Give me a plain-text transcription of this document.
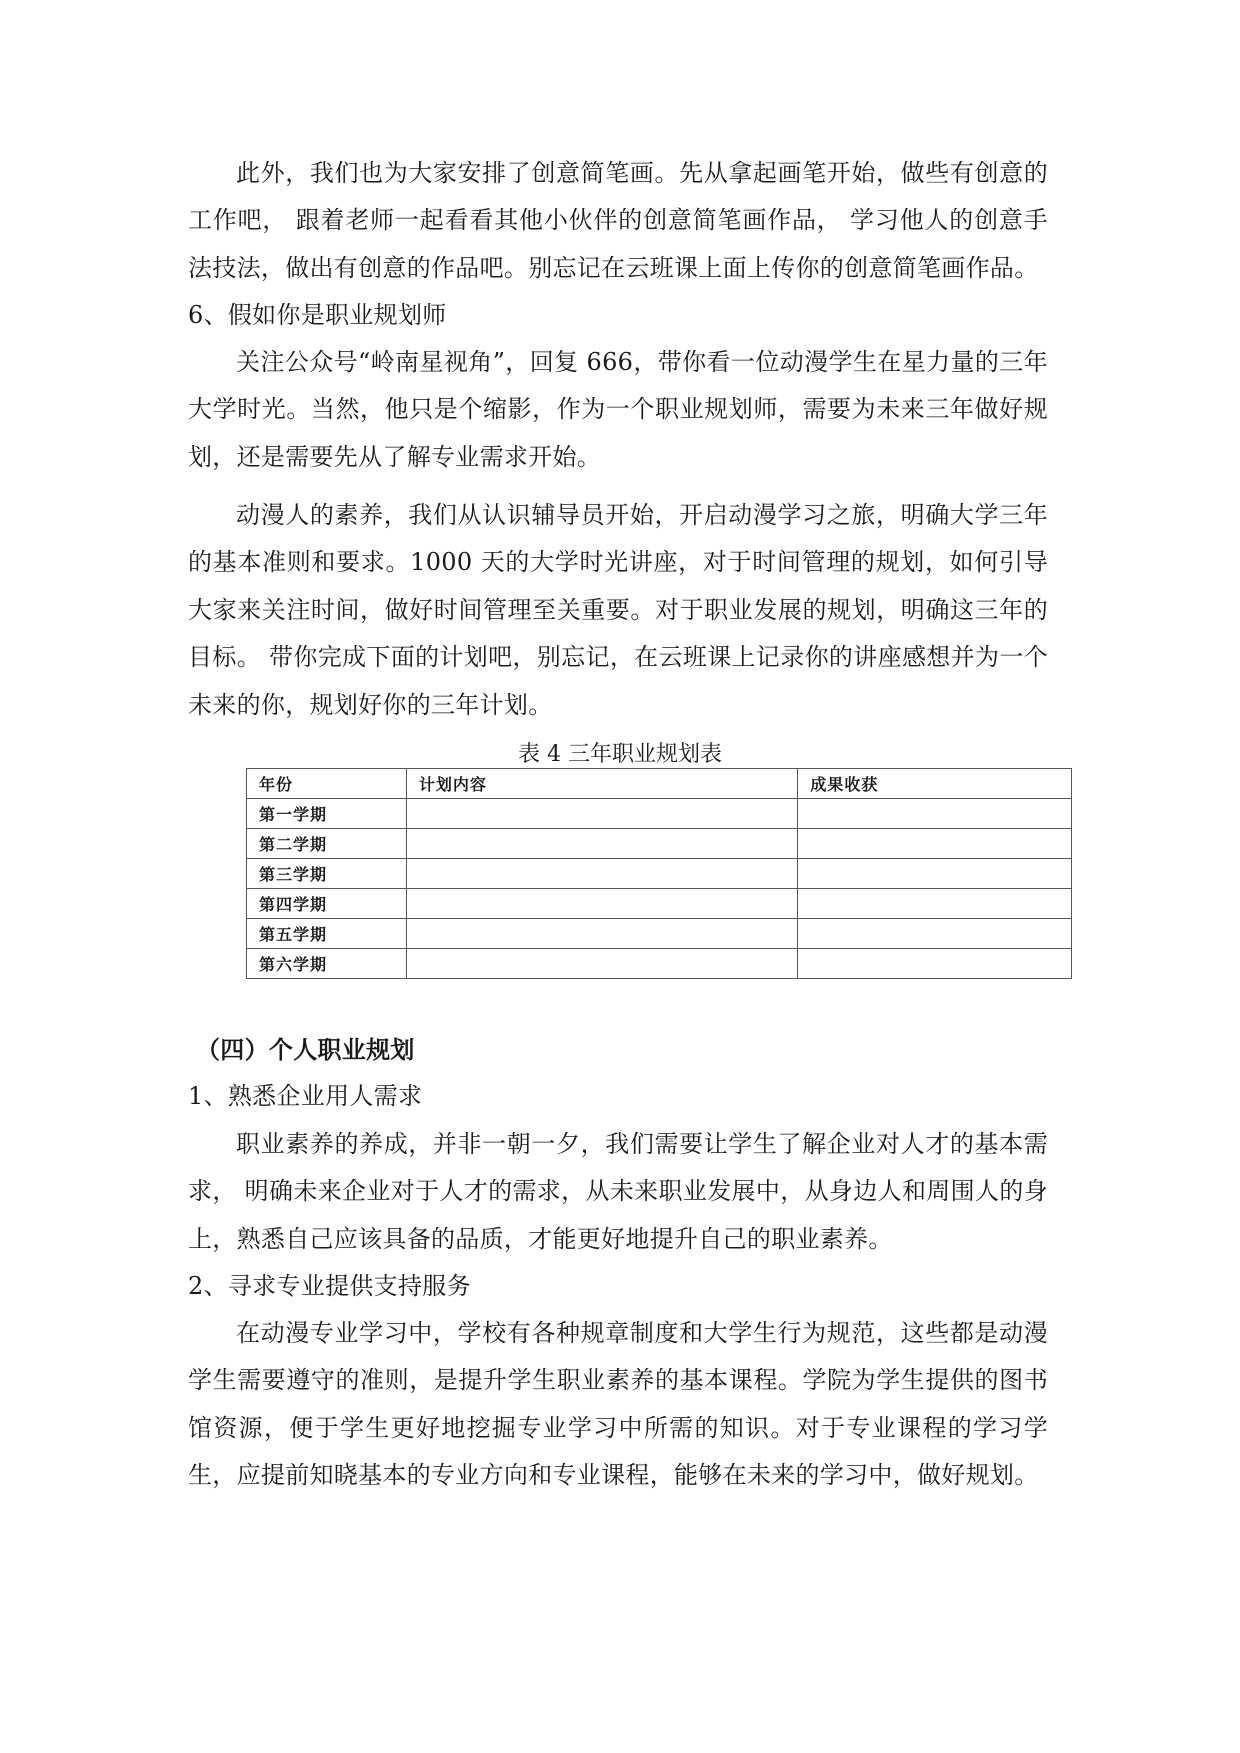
此外，我们也为大家安排了创意简笔画。先从拿起画笔开始，做些有创意的工作吧， 跟着老师一起看看其他小伙伴的创意简笔画作品， 学习他人的创意手法技法，做出有创意的作品吧。别忘记在云班课上面上传你的创意简笔画作品。

6、假如你是职业规划师

关注公众号“岭南星视角”，回复 666，带你看一位动漫学生在星力量的三年大学时光。当然，他只是个缩影，作为一个职业规划师，需要为未来三年做好规划，还是需要先从了解专业需求开始。

动漫人的素养，我们从认识辅导员开始，开启动漫学习之旅，明确大学三年的基本准则和要求。1000 天的大学时光讲座，对于时间管理的规划，如何引导大家来关注时间，做好时间管理至关重要。对于职业发展的规划，明确这三年的目标。 带你完成下面的计划吧，别忘记，在云班课上记录你的讲座感想并为一个未来的你，规划好你的三年计划。

表 4 三年职业规划表

年份	计划内容	成果收获
第一学期		
第二学期		
第三学期		
第四学期		
第五学期		
第六学期		

（四）个人职业规划

1、熟悉企业用人需求

职业素养的养成，并非一朝一夕，我们需要让学生了解企业对人才的基本需求， 明确未来企业对于人才的需求，从未来职业发展中，从身边人和周围人的身上，熟悉自己应该具备的品质，才能更好地提升自己的职业素养。

2、寻求专业提供支持服务

在动漫专业学习中，学校有各种规章制度和大学生行为规范，这些都是动漫学生需要遵守的准则，是提升学生职业素养的基本课程。学院为学生提供的图书馆资源，便于学生更好地挖掘专业学习中所需的知识。对于专业课程的学习学生，应提前知晓基本的专业方向和专业课程，能够在未来的学习中，做好规划。
